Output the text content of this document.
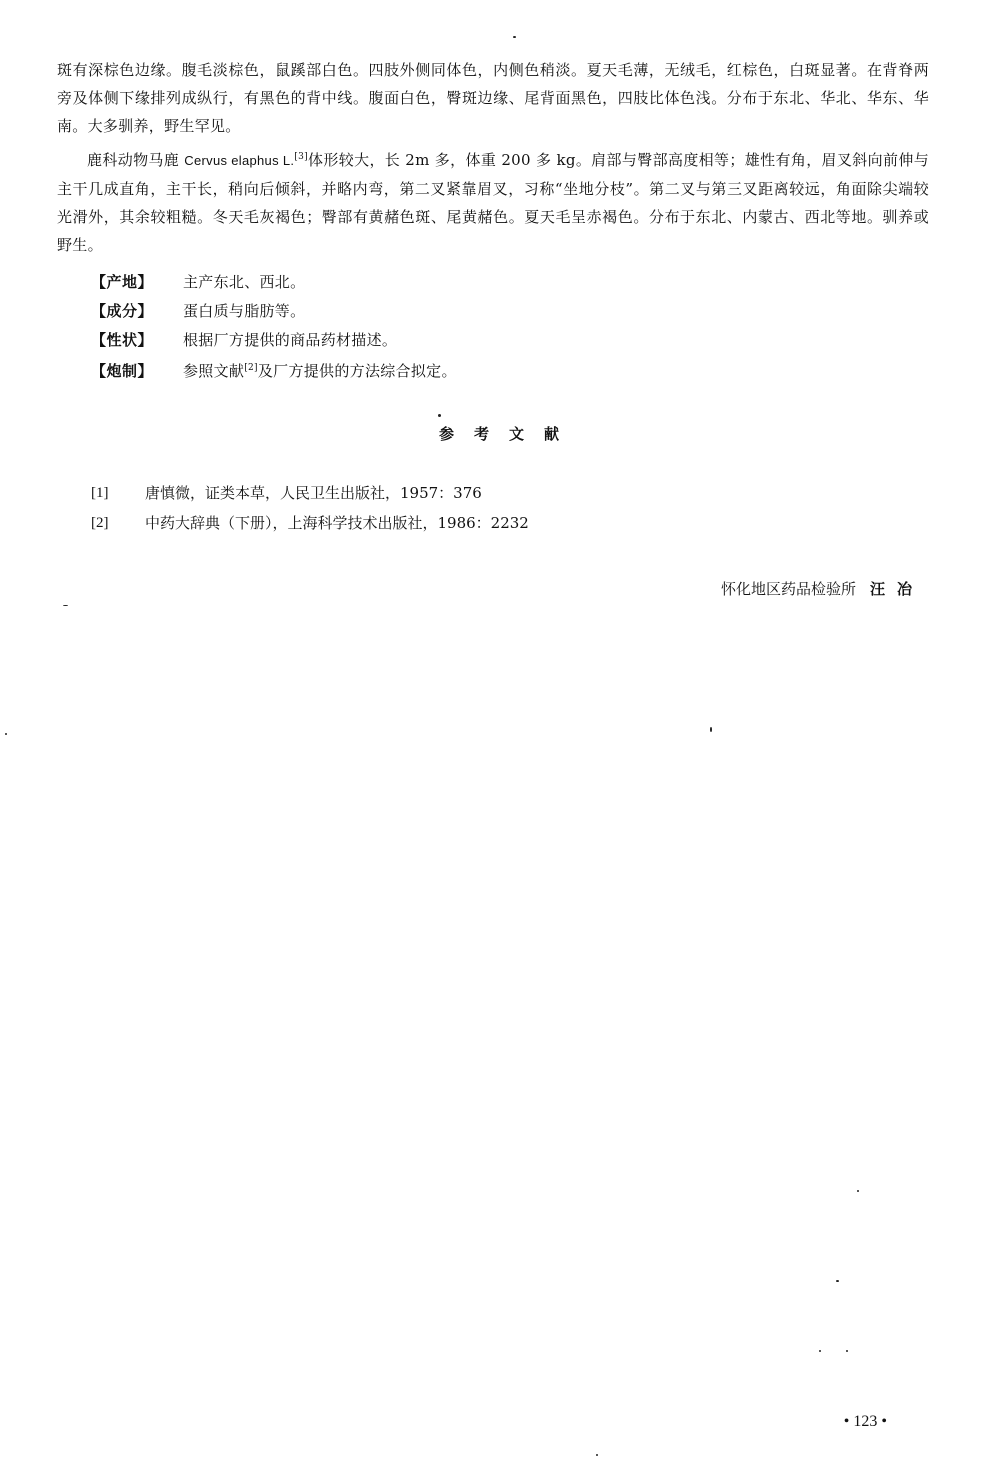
斑有深棕色边缘。腹毛淡棕色，鼠蹊部白色。四肢外侧同体色，内侧色稍淡。夏天毛薄，无绒毛，红棕色，白斑显著。在背脊两旁及体侧下缘排列成纵行，有黑色的背中线。腹面白色，臀斑边缘、尾背面黑色，四肢比体色浅。分布于东北、华北、华东、华南。大多驯养，野生罕见。
鹿科动物马鹿 Cervus elaphus L.[3]体形较大，长 2m 多，体重 200 多 kg。肩部与臀部高度相等；雄性有角，眉叉斜向前伸与主干几成直角，主干长，稍向后倾斜，并略内弯，第二叉紧靠眉叉，习称“坐地分枝”。第二叉与第三叉距离较远，角面除尖端较光滑外，其余较粗糙。冬天毛灰褐色；臀部有黄赭色斑、尾黄赭色。夏天毛呈赤褐色。分布于东北、内蒙古、西北等地。驯养或野生。
【产地】	主产东北、西北。
【成分】	蛋白质与脂肪等。
【性状】	根据厂方提供的商品药材描述。
【炮制】	参照文献[2]及厂方提供的方法综合拟定。
参考文献
[1]	唐慎微，证类本草，人民卫生出版社，1957：376
[2]	中药大辞典（下册），上海科学技术出版社，1986：2232
怀化地区药品检验所 汪冶
• 123 •
